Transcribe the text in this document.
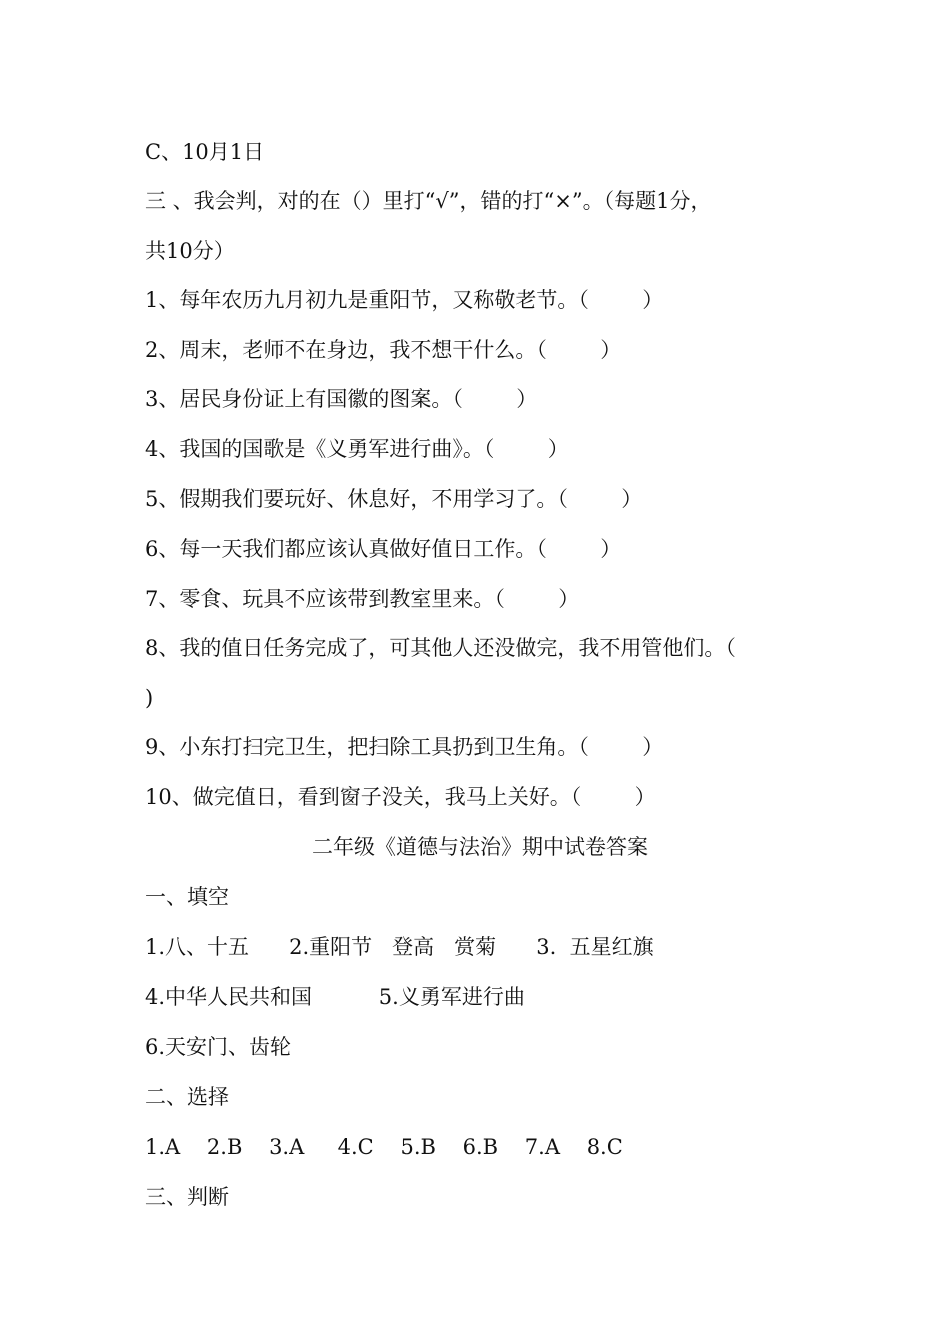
C、10月1日
三 、我会判，对的在（）里打“√”，错的打“×”。（每题1分，
共10分）
1、每年农历九月初九是重阳节，又称敬老节。（        ）
2、周末，老师不在身边，我不想干什么。（        ）
3、居民身份证上有国徽的图案。（        ）
4、我国的国歌是《义勇军进行曲》。（        ）
5、假期我们要玩好、休息好，不用学习了。（        ）
6、每一天我们都应该认真做好值日工作。（        ）
7、零食、玩具不应该带到教室里来。（        ）
8、我的值日任务完成了，可其他人还没做完，我不用管他们。（
)
9、小东打扫完卫生，把扫除工具扔到卫生角。（        ）
10、做完值日，看到窗子没关，我马上关好。（        ）
二年级《道德与法治》期中试卷答案
一、填空
1.八、十五      2.重阳节   登高   赏菊      3.  五星红旗
4.中华人民共和国          5.义勇军进行曲
6.天安门、齿轮
二、选择
1.A    2.B    3.A     4.C    5.B    6.B    7.A    8.C
三、判断
